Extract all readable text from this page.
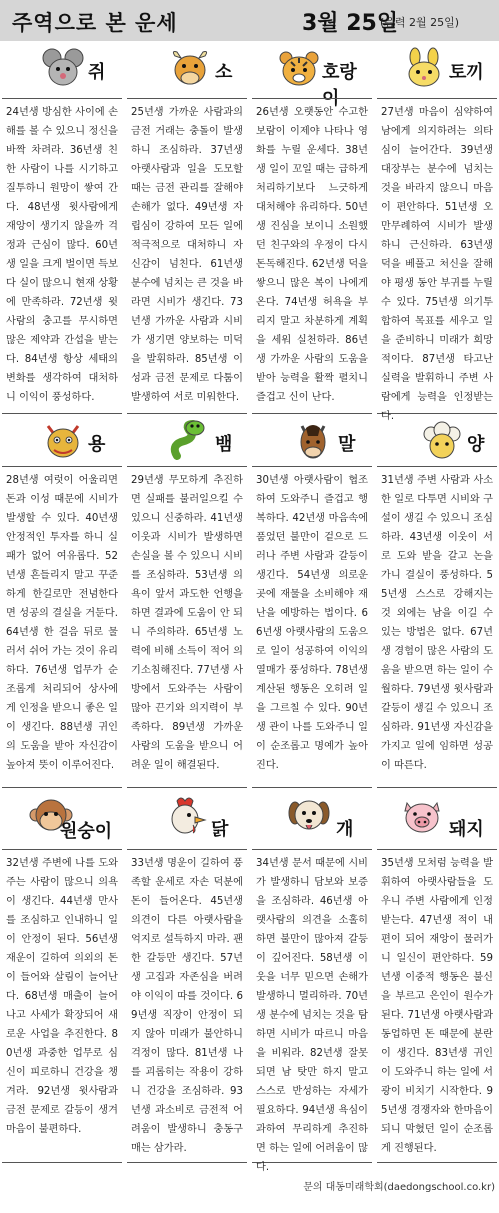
주역으로 본 운세	3월 25일
(음력 2월 25일)
쥐
24년생 방심한 사이에 손해를 볼 수 있으니 정신을 바짝 차려라. 36년생 친한 사람이 나를 시기하고 질투하니 원망이 쌓여 간다. 48년생 윗사람에게 재앙이 생기지 않을까 걱정과 근심이 많다. 60년생 일을 크게 벌이면 득보다 실이 많으니 현재 상황에 만족하라. 72년생 윗사람의 충고를 무시하면 많은 제약과 간섭을 받는다. 84년생 항상 세태의 변화를 생각하여 대처하니 이익이 풍성하다.
소
25년생 가까운 사람과의 금전 거래는 충돌이 발생하니 조심하라. 37년생 아랫사람과 일을 도모할 때는 금전 관리를 잘해야 손해가 없다. 49년생 자립심이 강하여 모든 일에 적극적으로 대처하니 자신감이 넘친다. 61년생 분수에 넘치는 큰 것을 바라면 시비가 생긴다. 73년생 가까운 사람과 시비가 생기면 양보하는 미덕을 발휘하라. 85년생 이성과 금전 문제로 다툼이 발생하여 서로 미워한다.
호랑이
26년생 오랫동안 수고한 보람이 이제야 나타나 영화를 누릴 운세다. 38년생 일이 꼬일 때는 급하게 처리하기보다 느긋하게 대처해야 유리하다. 50년생 진심을 보이니 소원했던 친구와의 우정이 다시 돈독해진다. 62년생 덕을 쌓으니 많은 복이 나에게 온다. 74년생 허욕을 부리지 말고 차분하게 계획을 세워 실천하라. 86년생 가까운 사람의 도움을 받아 능력을 활짝 펼치니 즐겁고 신이 난다.
토끼
27년생 마음이 심약하여 남에게 의지하려는 의타심이 늘어간다. 39년생 대장부는 분수에 넘치는 것을 바라지 않으니 마음이 편안하다. 51년생 오만무례하여 시비가 발생하니 근신하라. 63년생 덕을 베풀고 처신을 잘해야 평생 동안 부귀를 누릴 수 있다. 75년생 의기투합하여 목표를 세우고 일을 준비하니 미래가 희망적이다. 87년생 타고난 실력을 발휘하니 주변 사람에게 능력을 인정받는다.
용
28년생 여럿이 어울리면 돈과 이성 때문에 시비가 발생할 수 있다. 40년생 안정적인 투자를 하니 실패가 없어 여유롭다. 52년생 흔들리지 말고 꾸준하게 한길로만 전념한다면 성공의 결실을 거둔다. 64년생 한 걸음 뒤로 물러서 쉬어 가는 것이 유리하다. 76년생 업무가 순조롭게 처리되어 상사에게 인정을 받으니 좋은 일이 생긴다. 88년생 귀인의 도움을 받아 자신감이 높아져 뜻이 이루어진다.
뱀
29년생 무모하게 추진하면 실패를 불러일으킬 수 있으니 신중하라. 41년생 이웃과 시비가 발생하면 손실을 볼 수 있으니 시비를 조심하라. 53년생 의욕이 앞서 과도한 언행을 하면 결과에 도움이 안 되니 주의하라. 65년생 노력에 비해 소득이 적어 의기소침해진다. 77년생 사방에서 도와주는 사람이 많아 끈기와 의지력이 부족하다. 89년생 가까운 사람의 도움을 받으니 어려운 일이 해결된다.
말
30년생 아랫사람이 협조하여 도와주니 즐겁고 행복하다. 42년생 마음속에 품었던 불만이 겉으로 드러나 주변 사람과 갈등이 생긴다. 54년생 의로운 곳에 재물을 소비해야 재난을 예방하는 법이다. 66년생 아랫사람의 도움으로 일이 성공하여 이익의 열매가 풍성하다. 78년생 계산된 행동은 오히려 일을 그르칠 수 있다. 90년생 관이 나를 도와주니 일이 순조롭고 명예가 높아진다.
양
31년생 주변 사람과 사소한 일로 다투면 시비와 구설이 생길 수 있으니 조심하라. 43년생 이웃이 서로 도와 받을 갈고 논을 가니 결실이 풍성하다. 55년생 스스로 강해지는 것 외에는 남을 이길 수 있는 방법은 없다. 67년생 경험이 많은 사람의 도움을 받으면 하는 일이 수월하다. 79년생 윗사람과 갈등이 생길 수 있으니 조심하라. 91년생 자신감을 가지고 일에 임하면 성공이 따른다.
원숭이
32년생 주변에 나를 도와주는 사람이 많으니 의욕이 생긴다. 44년생 만사를 조심하고 인내하니 일이 안정이 된다. 56년생 재운이 길하여 의외의 돈이 들어와 살림이 늘어난다. 68년생 매출이 늘어나고 사세가 확장되어 새로운 사업을 추진한다. 80년생 과중한 업무로 심신이 피로하니 건강을 챙겨라. 92년생 윗사람과 금전 문제로 갈등이 생겨 마음이 불편하다.
닭
33년생 명운이 길하여 풍족할 운세로 자손 덕분에 돈이 들어온다. 45년생 의견이 다른 아랫사람을 억지로 설득하지 마라. 괜한 갈등만 생긴다. 57년생 고집과 자존심을 버려야 이익이 따를 것이다. 69년생 직장이 안정이 되지 않아 미래가 불안하니 걱정이 많다. 81년생 나를 괴롭히는 작용이 강하니 건강을 조심하라. 93년생 과소비로 금전적 어려움이 발생하니 충동구매는 삼가라.
개
34년생 문서 때문에 시비가 발생하니 담보와 보증을 조심하라. 46년생 아랫사람의 의견을 소홀히 하면 불만이 많아져 갈등이 깊어진다. 58년생 이웃을 너무 믿으면 손해가 발생하니 멀리하라. 70년생 분수에 넘치는 것을 탐하면 시비가 따르니 마음을 비워라. 82년생 잘못되면 남 탓만 하지 말고 스스로 반성하는 자세가 필요하다. 94년생 욕심이 과하여 무리하게 추진하면 하는 일에 어려움이 많다.
돼지
35년생 모처럼 능력을 발휘하여 아랫사람들을 도우니 주변 사람에게 인정받는다. 47년생 적이 내 편이 되어 재앙이 물러가니 일신이 편안하다. 59년생 이중적 행동은 불신을 부르고 은인이 원수가 된다. 71년생 아랫사람과 동업하면 돈 때문에 분란이 생긴다. 83년생 귀인이 도와주니 하는 일에 서광이 비치기 시작한다. 95년생 경쟁자와 한마음이 되니 막혔던 일이 순조롭게 진행된다.
문의 대동미래학회(daedongschool.co.kr)
